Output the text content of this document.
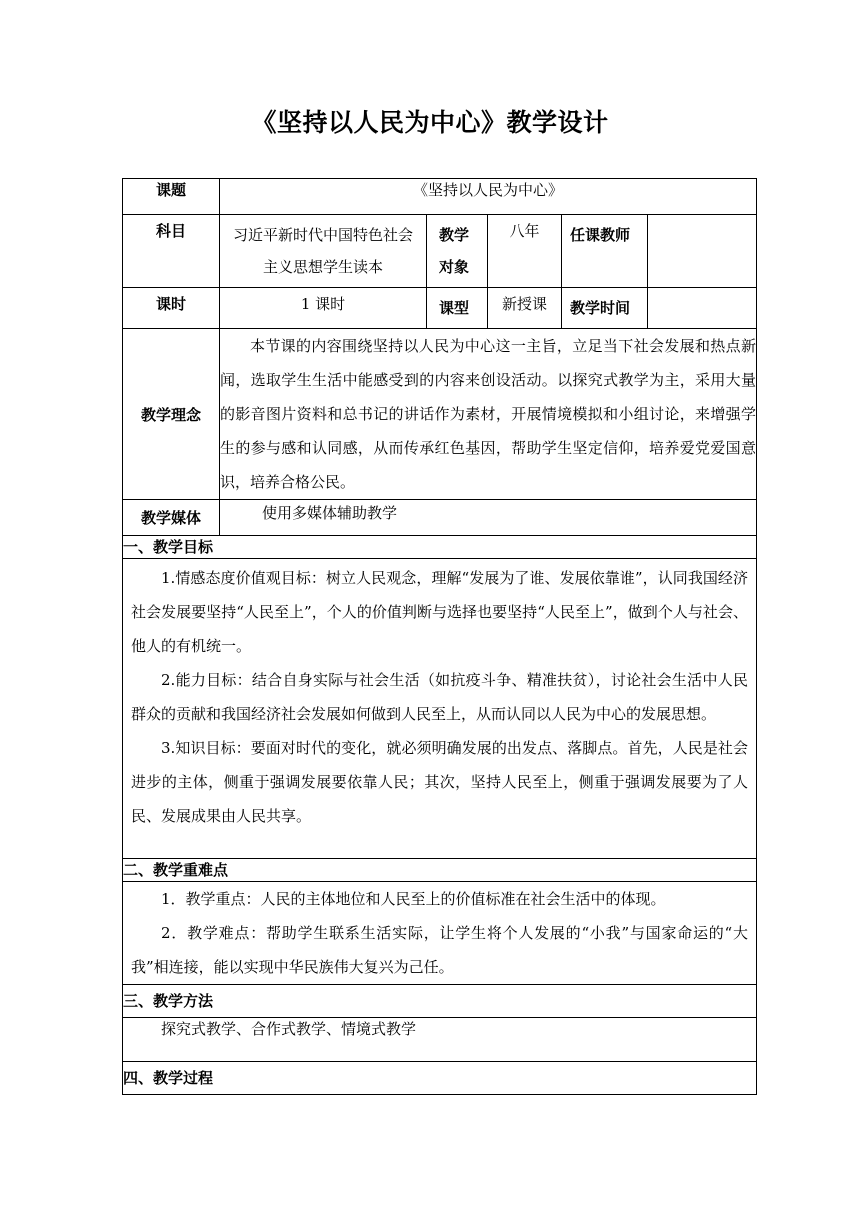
《坚持以人民为中心》教学设计
课题	《坚持以人民为中心》				
科目	习近平新时代中国特色社会主义思想学生读本	教学对象	八年	任课教师	
课时	1 课时	课型	新授课	教学时间	
教学理念	本节课的内容围绕坚持以人民为中心这一主旨，立足当下社会发展和热点新闻，选取学生生活中能感受到的内容来创设活动。以探究式教学为主，采用大量的影音图片资料和总书记的讲话作为素材，开展情境模拟和小组讨论，来增强学生的参与感和认同感，从而传承红色基因，帮助学生坚定信仰，培养爱党爱国意识，培养合格公民。				
教学媒体	使用多媒体辅助教学				
一、教学目标					

1.情感态度价值观目标：树立人民观念，理解“发展为了谁、发展依靠谁”，认同我国经济社会发展要坚持“人民至上”，个人的价值判断与选择也要坚持“人民至上”，做到个人与社会、他人的有机统一。
2.能力目标：结合自身实际与社会生活（如抗疫斗争、精准扶贫），讨论社会生活中人民群众的贡献和我国经济社会发展如何做到人民至上，从而认同以人民为中心的发展思想。
3.知识目标：要面对时代的变化，就必须明确发展的出发点、落脚点。首先，人民是社会进步的主体，侧重于强调发展要依靠人民；其次，坚持人民至上，侧重于强调发展要为了人民、发展成果由人民共享。					

二、教学重难点					

1．教学重点：人民的主体地位和人民至上的价值标准在社会生活中的体现。
2．教学难点：帮助学生联系生活实际，让学生将个人发展的“小我”与国家命运的“大我”相连接，能以实现中华民族伟大复兴为己任。					

三、教学方法					
探究式教学、合作式教学、情境式教学					
四、教学过程					
